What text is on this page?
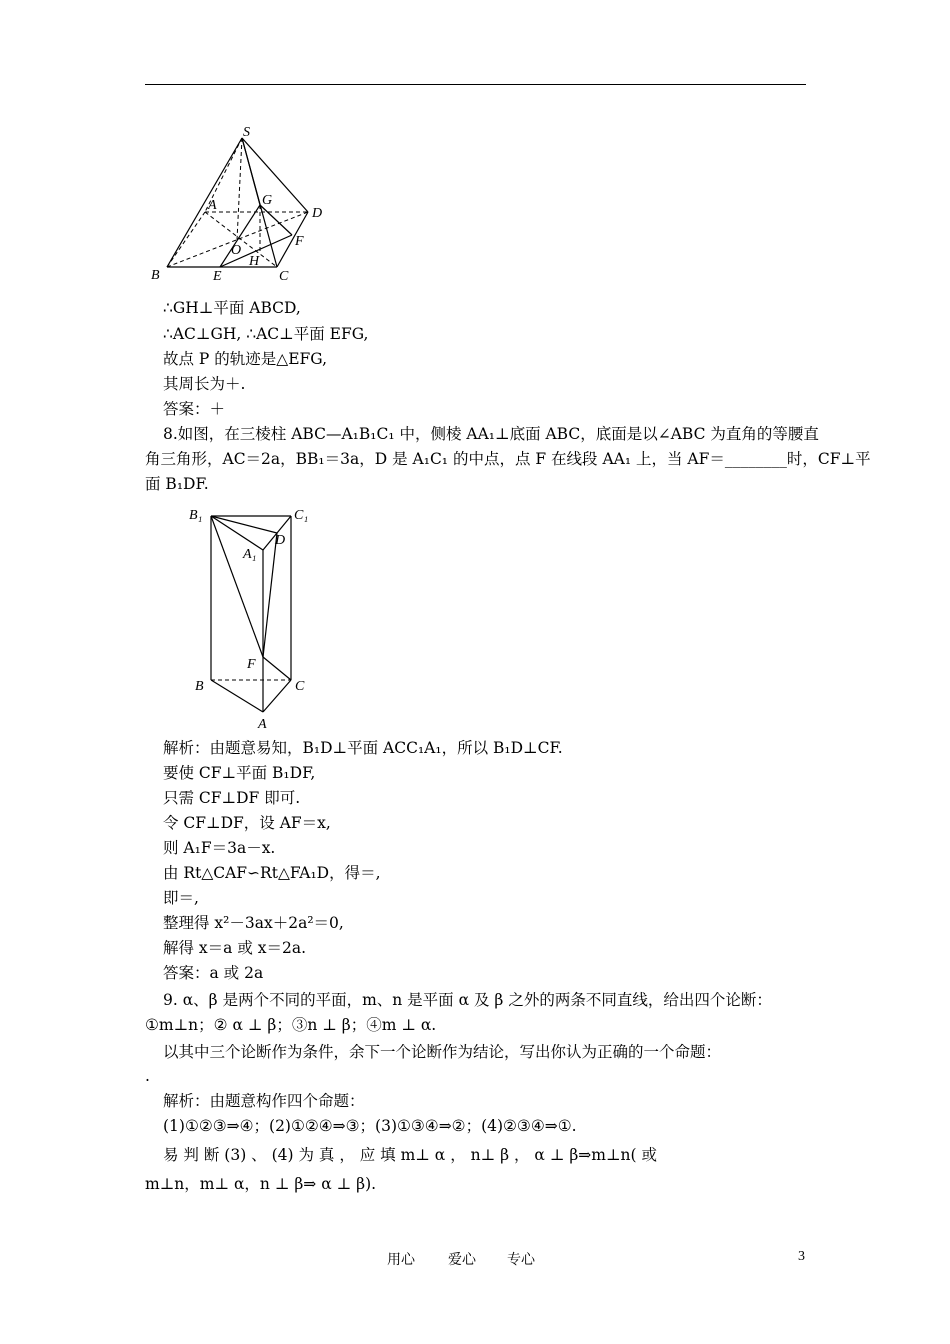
S
A	G
D
O
F
H
B	E	C
∴GH⊥平面 ABCD,
∴AC⊥GH, ∴AC⊥平面 EFG,
故点 P 的轨迹是△EFG,
其周长为＋.
答案：＋
8.如图，在三棱柱 ABC—A₁B₁C₁ 中，侧棱 AA₁⊥底面 ABC，底面是以∠ABC 为直角的等腰直
角三角形，AC＝2a，BB₁＝3a，D 是 A₁C₁ 的中点，点 F 在线段 AA₁ 上，当 AF＝________时，CF⊥平
面 B₁DF.
B₁	C₁
A₁
D
F
B	C
A
解析：由题意易知，B₁D⊥平面 ACC₁A₁，所以 B₁D⊥CF.
要使 CF⊥平面 B₁DF,
只需 CF⊥DF 即可.
令 CF⊥DF，设 AF＝x,
则 A₁F＝3a－x.
由 Rt△CAF∽Rt△FA₁D，得＝,
即＝,
整理得 x²－3ax＋2a²＝0,
解得 x＝a 或 x＝2a.
答案：a 或 2a
9. α、β 是两个不同的平面，m、n 是平面 α 及 β 之外的两条不同直线，给出四个论断：
①m⊥n；② α ⊥ β；③n ⊥ β；④m ⊥ α.
以其中三个论断作为条件，余下一个论断作为结论，写出你认为正确的一个命题：
.
解析：由题意构作四个命题：
(1)①②③⇒④；(2)①②④⇒③；(3)①③④⇒②；(4)②③④⇒①.
易 判 断 (3) 、 (4) 为 真 ， 应 填 m⊥ α ， n⊥ β ， α ⊥ β⇒m⊥n( 或
m⊥n，m⊥ α，n ⊥ β⇒ α ⊥ β).
用心 爱心 专心	3
